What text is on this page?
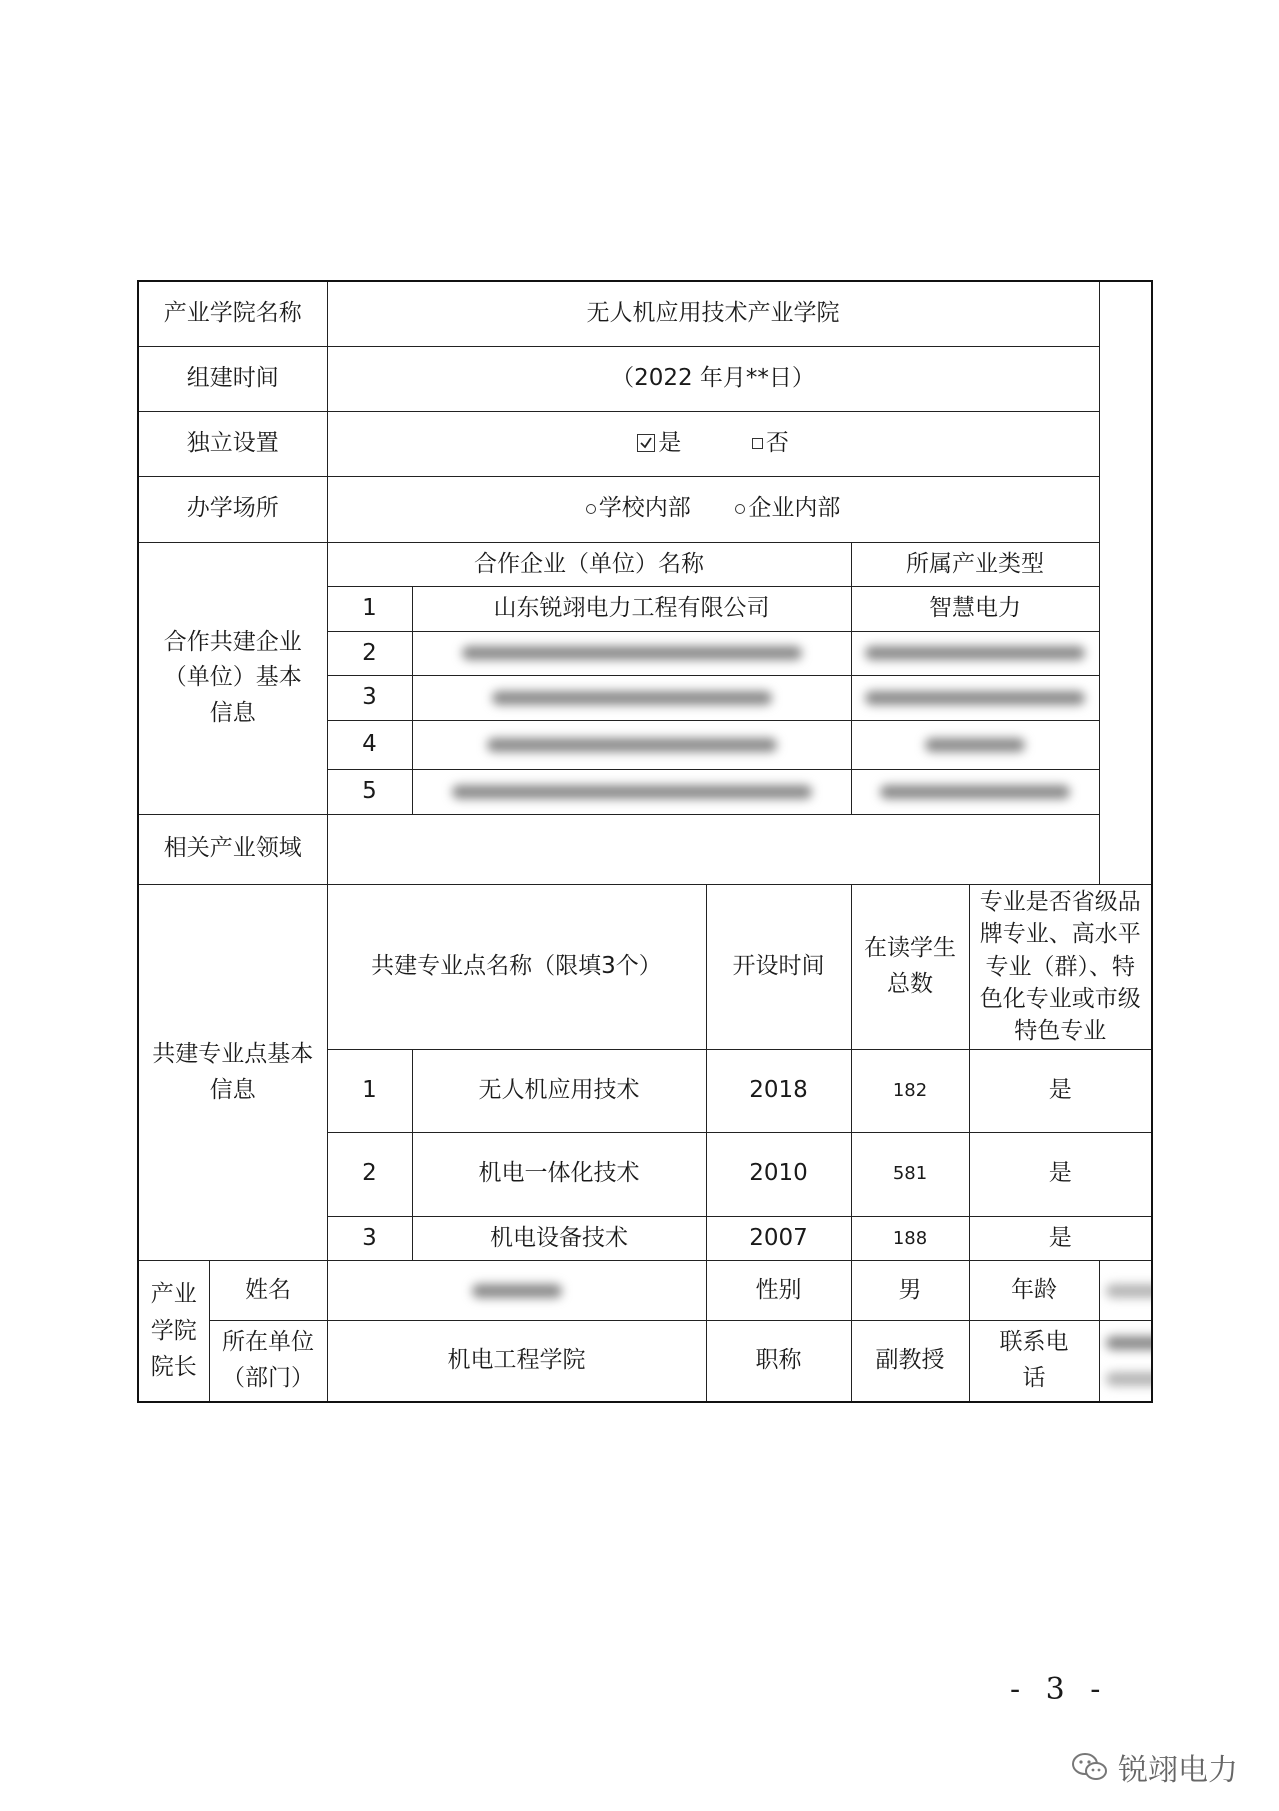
产业学院名称		无人机应用技术产业学院					
组建时间		（2022 年月**日）					
独立设置		是 否					
办学场所		学校内部 企业内部					
合作共建企业（单位）基本信息		合作企业（单位）名称			所属产业类型		
		1	山东锐翊电力工程有限公司		智慧电力		
		2					
		3					
		4					
		5					
相关产业领域							
共建专业点基本信息		共建专业点名称（限填3个）		开设时间	在读学生总数	专业是否省级品牌专业、高水平专业（群）、特色化专业或市级特色专业	
		1	无人机应用技术	2018	182	是	
		2	机电一体化技术	2010	581	是	
		3	机电设备技术	2007	188	是	
产业学院院长	姓名			性别	男	年龄	
	所在单位（部门）	机电工程学院		职称	副教授	联系电话	

- 3 -
锐翊电力
